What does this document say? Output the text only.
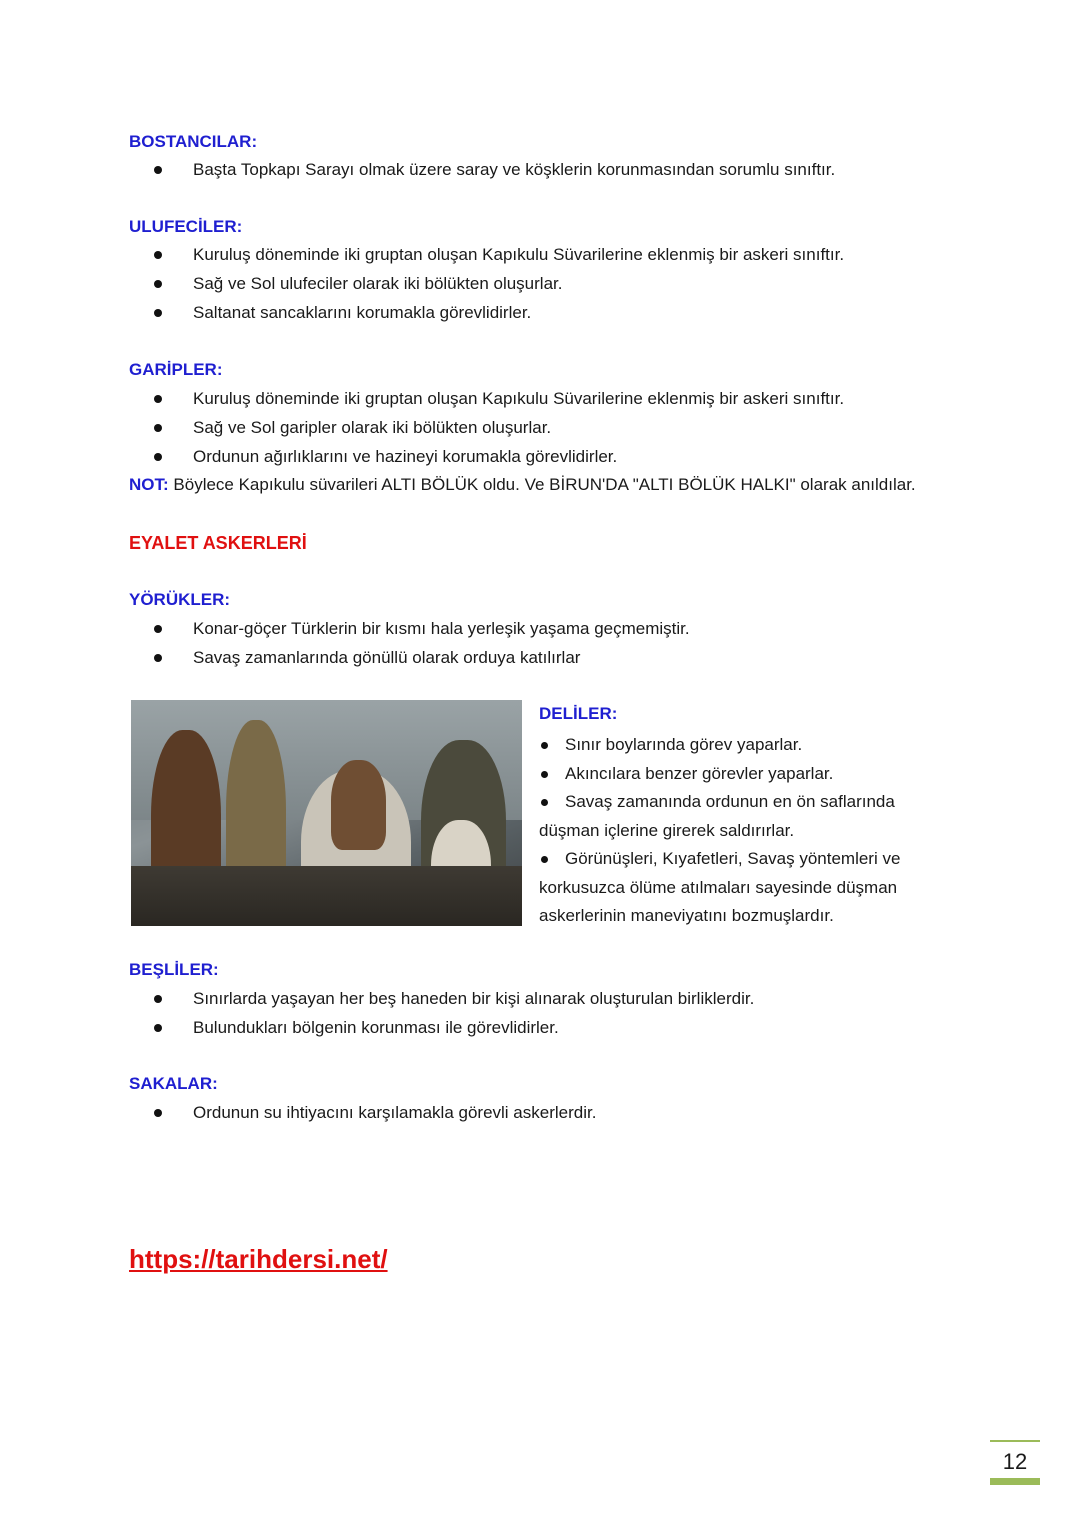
BOSTANCILAR:
Başta Topkapı Sarayı olmak üzere saray ve köşklerin korunmasından sorumlu sınıftır.
ULUFECİLER:
Kuruluş döneminde iki gruptan oluşan Kapıkulu Süvarilerine eklenmiş bir askeri sınıftır.
Sağ ve Sol ulufeciler olarak iki bölükten oluşurlar.
Saltanat sancaklarını korumakla görevlidirler.
GARİPLER:
Kuruluş döneminde iki gruptan oluşan Kapıkulu Süvarilerine eklenmiş bir askeri sınıftır.
Sağ ve Sol garipler olarak iki bölükten oluşurlar.
Ordunun ağırlıklarını ve hazineyi korumakla görevlidirler.
NOT: Böylece Kapıkulu süvarileri ALTI BÖLÜK oldu. Ve BİRUN'DA "ALTI BÖLÜK HALKI" olarak anıldılar.
EYALET ASKERLERİ
YÖRÜKLER:
Konar-göçer Türklerin bir kısmı hala yerleşik yaşama geçmemiştir.
Savaş zamanlarında gönüllü olarak orduya katılırlar
DELİLER:

Sınır boylarında görev yaparlar.

Akıncılara benzer görevler yaparlar.

Savaş zamanında ordunun en ön saflarında düşman içlerine girerek saldırırlar.

Görünüşleri, Kıyafetleri, Savaş yöntemleri ve korkusuzca ölüme atılmaları sayesinde düşman askerlerinin maneviyatını bozmuşlardır.

BEŞLİLER:
Sınırlarda yaşayan her beş haneden bir kişi alınarak oluşturulan birliklerdir.
Bulundukları bölgenin korunması ile görevlidirler.
SAKALAR:
Ordunun su ihtiyacını karşılamakla görevli askerlerdir.
https://tarihdersi.net/
12
